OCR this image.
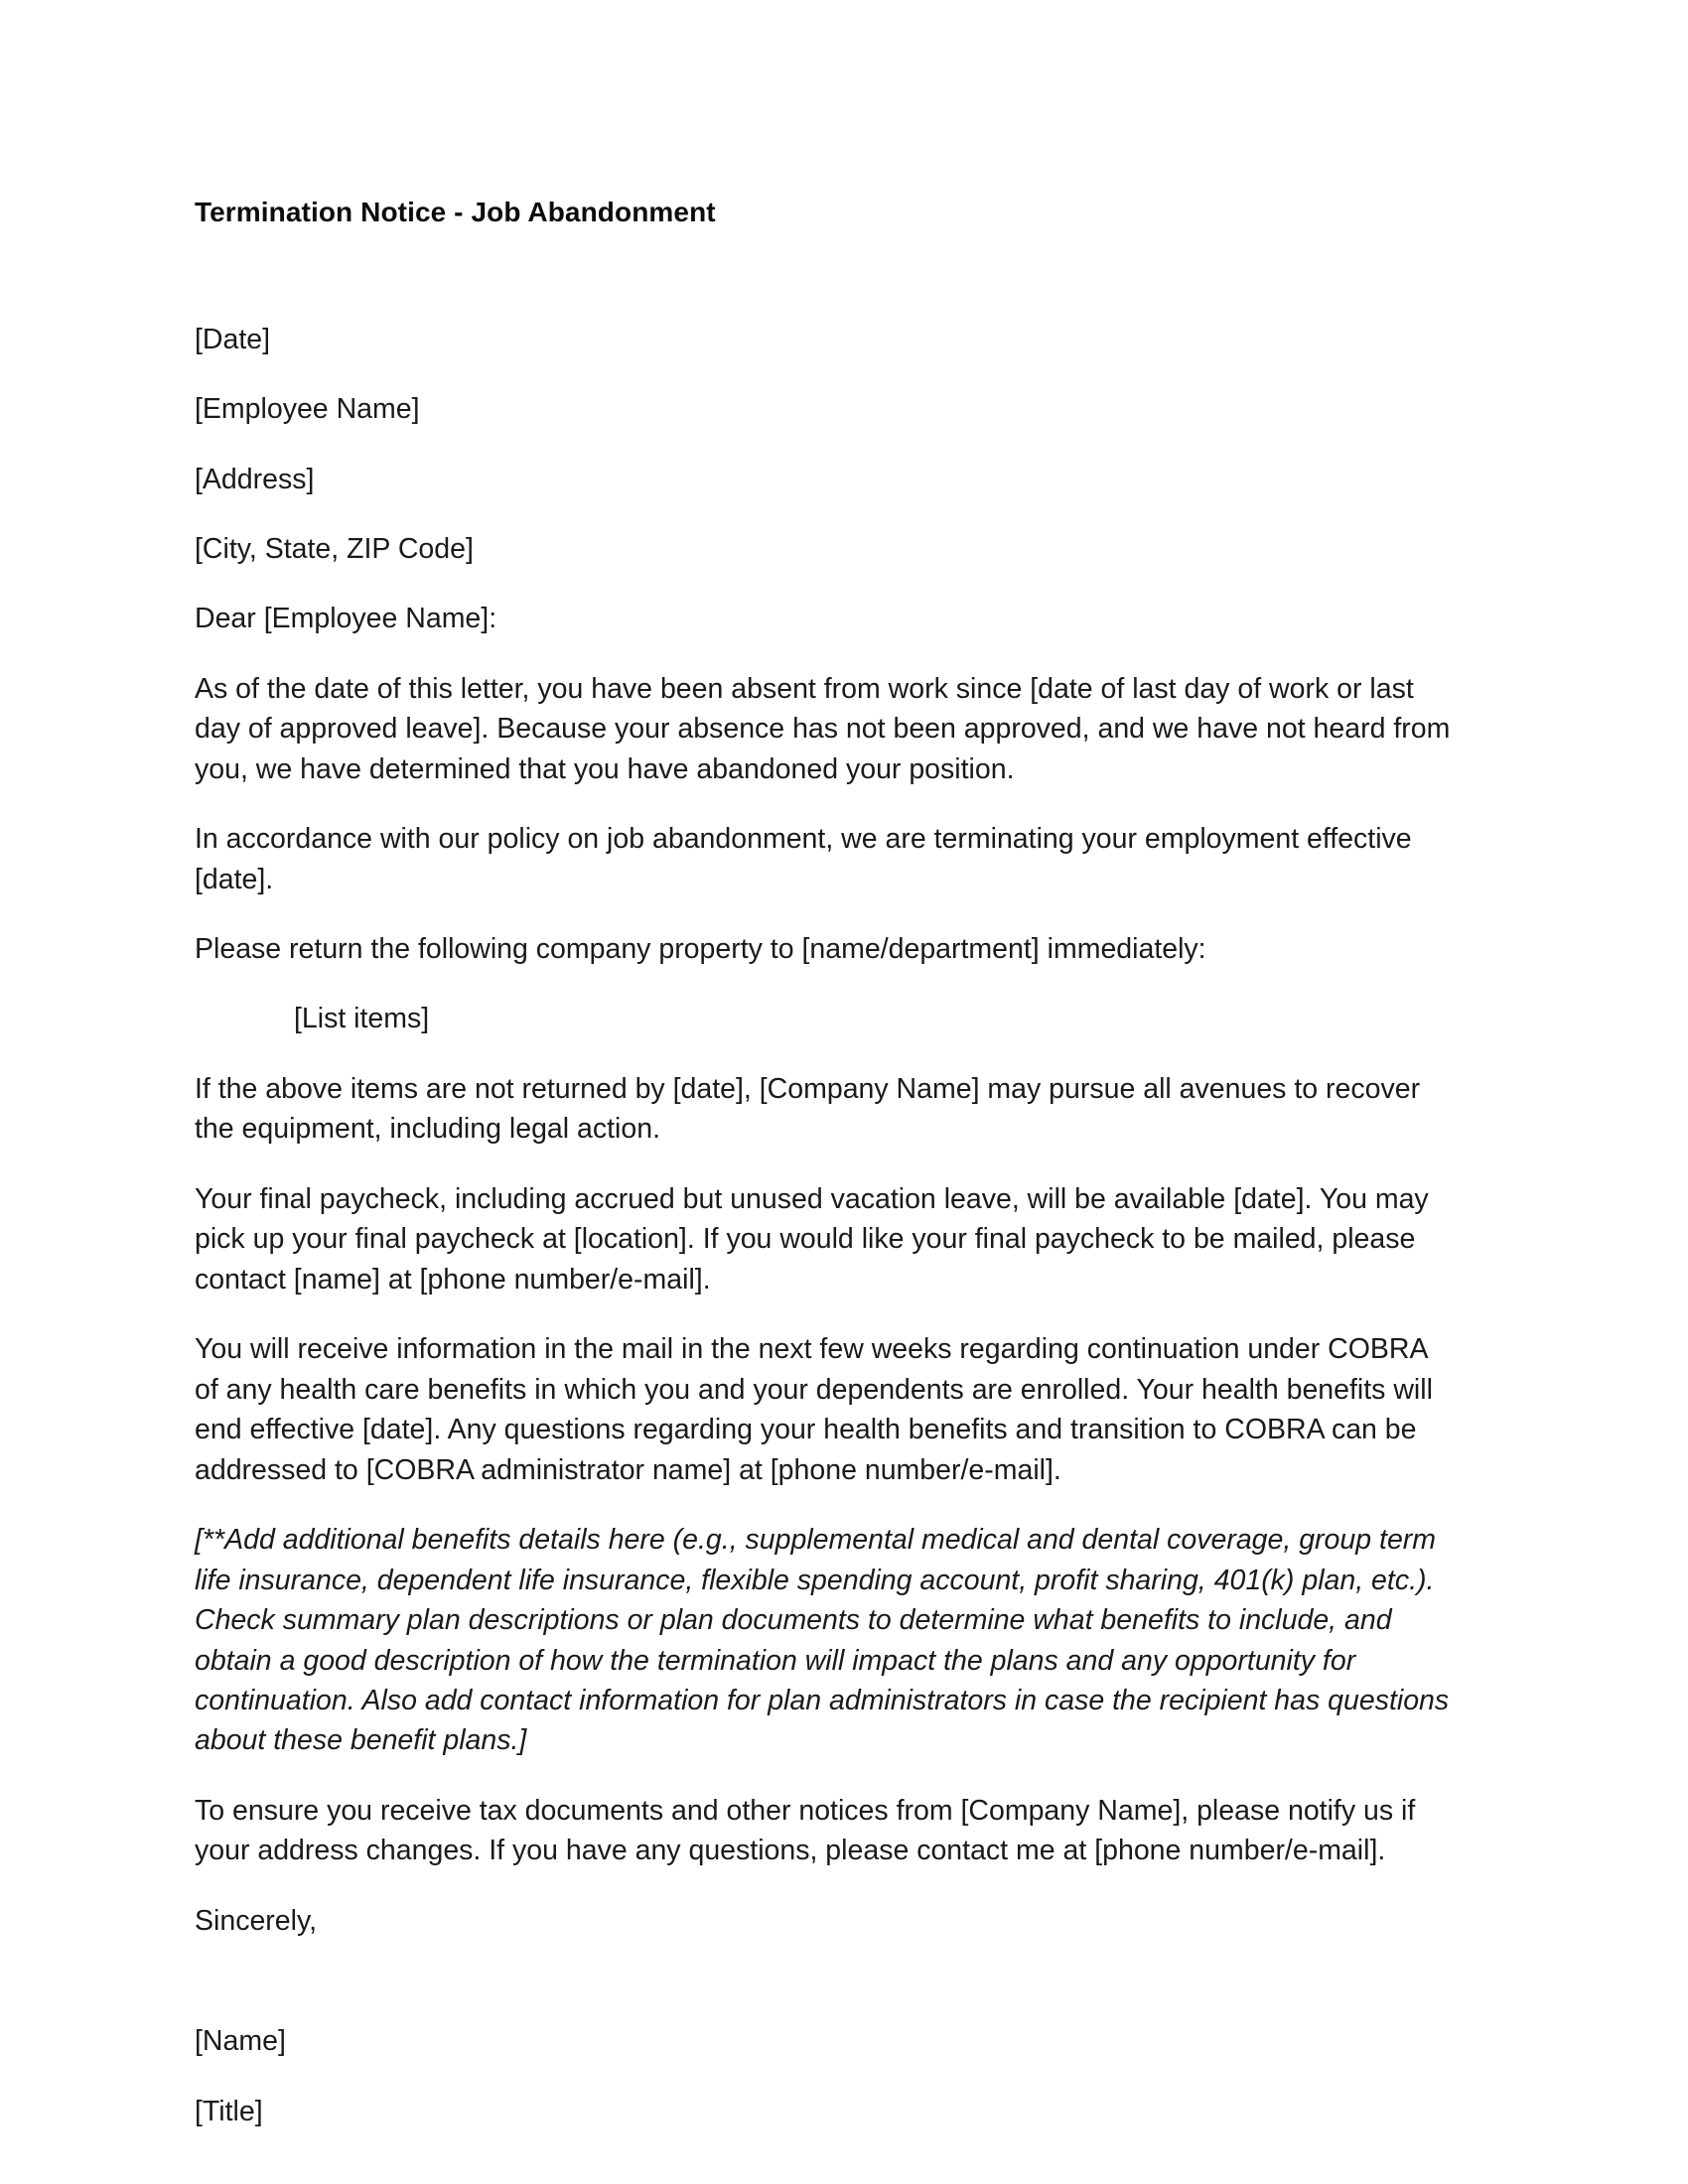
Termination Notice - Job Abandonment
[Date]
[Employee Name]
[Address]
[City, State, ZIP Code]
Dear [Employee Name]:

As of the date of this letter, you have been absent from work since [date of last day of work or last day of approved leave]. Because your absence has not been approved, and we have not heard from you, we have determined that you have abandoned your position.

In accordance with our policy on job abandonment, we are terminating your employment effective [date].

Please return the following company property to [name/department] immediately:

[List items]

If the above items are not returned by [date], [Company Name] may pursue all avenues to recover the equipment, including legal action.

Your final paycheck, including accrued but unused vacation leave, will be available [date]. You may pick up your final paycheck at [location]. If you would like your final paycheck to be mailed, please contact [name] at [phone number/e-mail].

You will receive information in the mail in the next few weeks regarding continuation under COBRA of any health care benefits in which you and your dependents are enrolled. Your health benefits will end effective [date]. Any questions regarding your health benefits and transition to COBRA can be addressed to [COBRA administrator name] at [phone number/e-mail].

[**Add additional benefits details here (e.g., supplemental medical and dental coverage, group term life insurance, dependent life insurance, flexible spending account, profit sharing, 401(k) plan, etc.). Check summary plan descriptions or plan documents to determine what benefits to include, and obtain a good description of how the termination will impact the plans and any opportunity for continuation. Also add contact information for plan administrators in case the recipient has questions about these benefit plans.]

To ensure you receive tax documents and other notices from [Company Name], please notify us if your address changes. If you have any questions, please contact me at [phone number/e-mail].

Sincerely,
[Name]
[Title]
